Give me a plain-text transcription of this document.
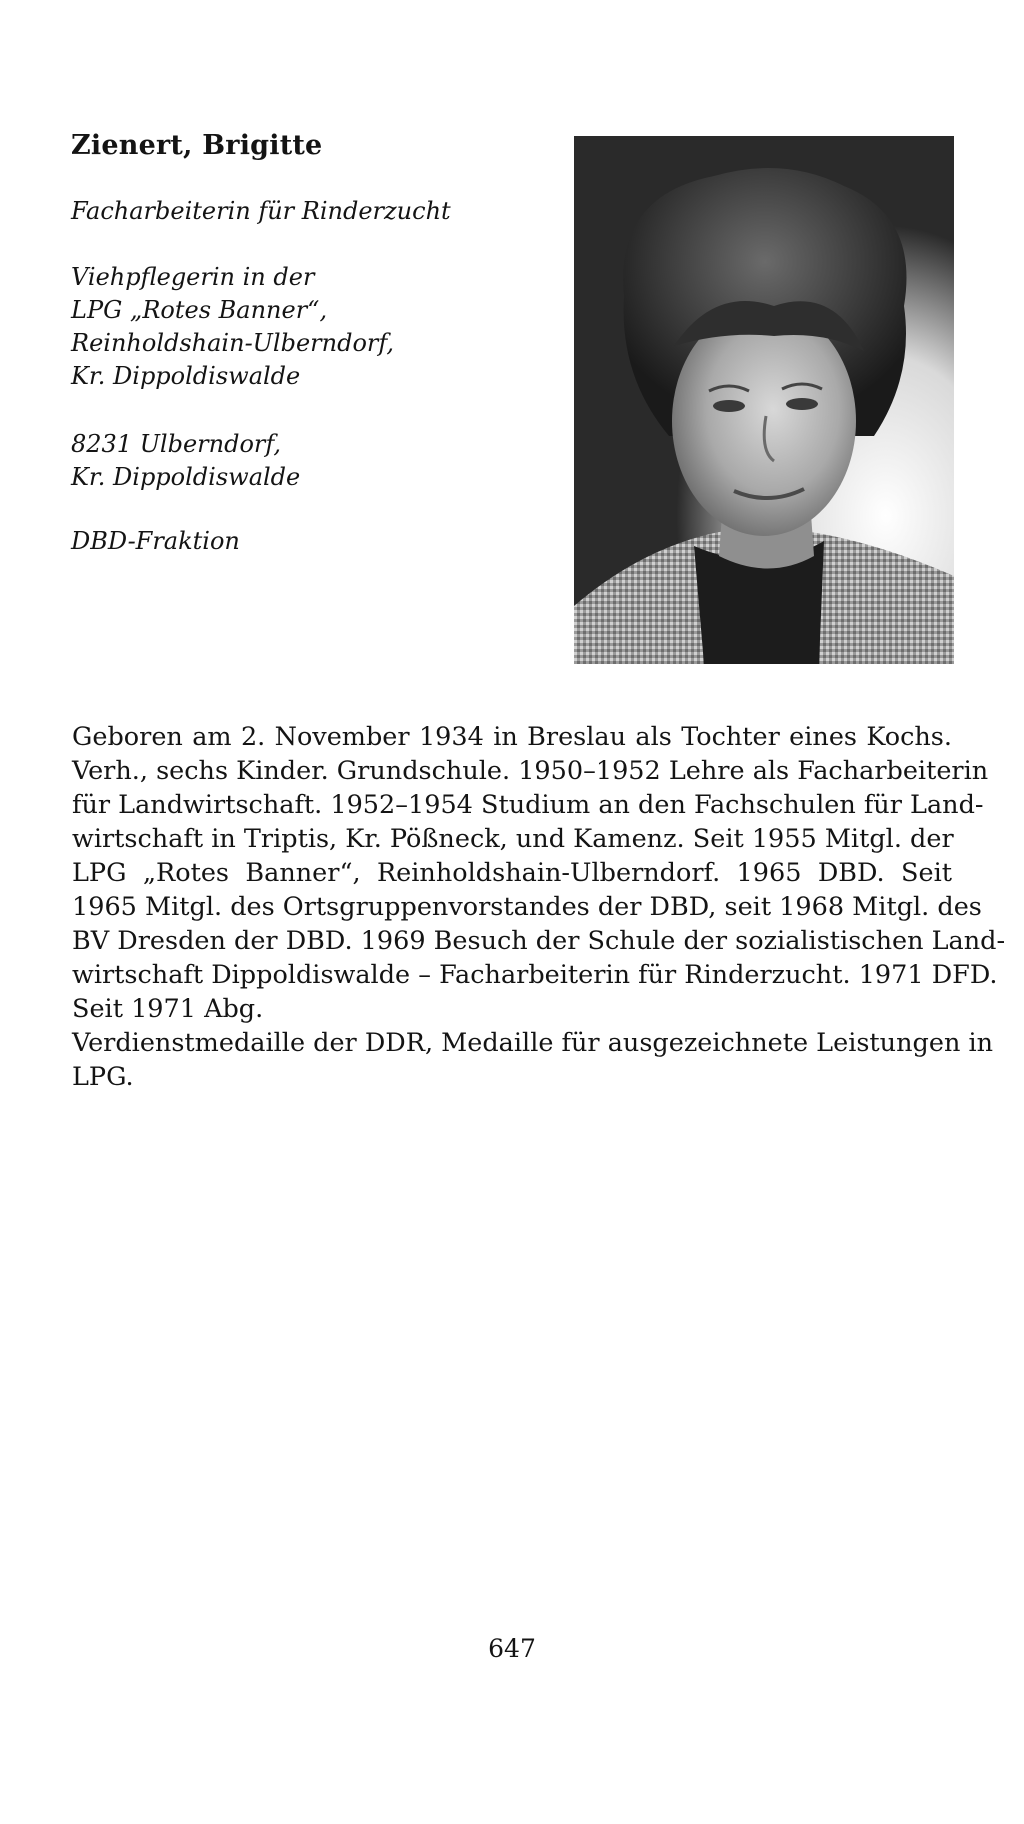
Zienert, Brigitte
Facharbeiterin für Rinderzucht
Viehpflegerin in der
LPG „Rotes Banner“,
Reinholdshain-Ulberndorf,
Kr. Dippoldiswalde
8231 Ulberndorf,
Kr. Dippoldiswalde
DBD-Fraktion
Geboren am 2. November 1934 in Breslau als Tochter eines Kochs.
Verh., sechs Kinder. Grundschule. 1950–1952 Lehre als Facharbeiterin
für Landwirtschaft. 1952–1954 Studium an den Fachschulen für Land-
wirtschaft in Triptis, Kr. Pößneck, und Kamenz. Seit 1955 Mitgl. der
LPG „Rotes Banner“, Reinholdshain-Ulberndorf. 1965 DBD. Seit
1965 Mitgl. des Ortsgruppenvorstandes der DBD, seit 1968 Mitgl. des
BV Dresden der DBD. 1969 Besuch der Schule der sozialistischen Land-
wirtschaft Dippoldiswalde – Facharbeiterin für Rinderzucht. 1971 DFD.
Seit 1971 Abg.
Verdienstmedaille der DDR, Medaille für ausgezeichnete Leistungen in
LPG.
647
